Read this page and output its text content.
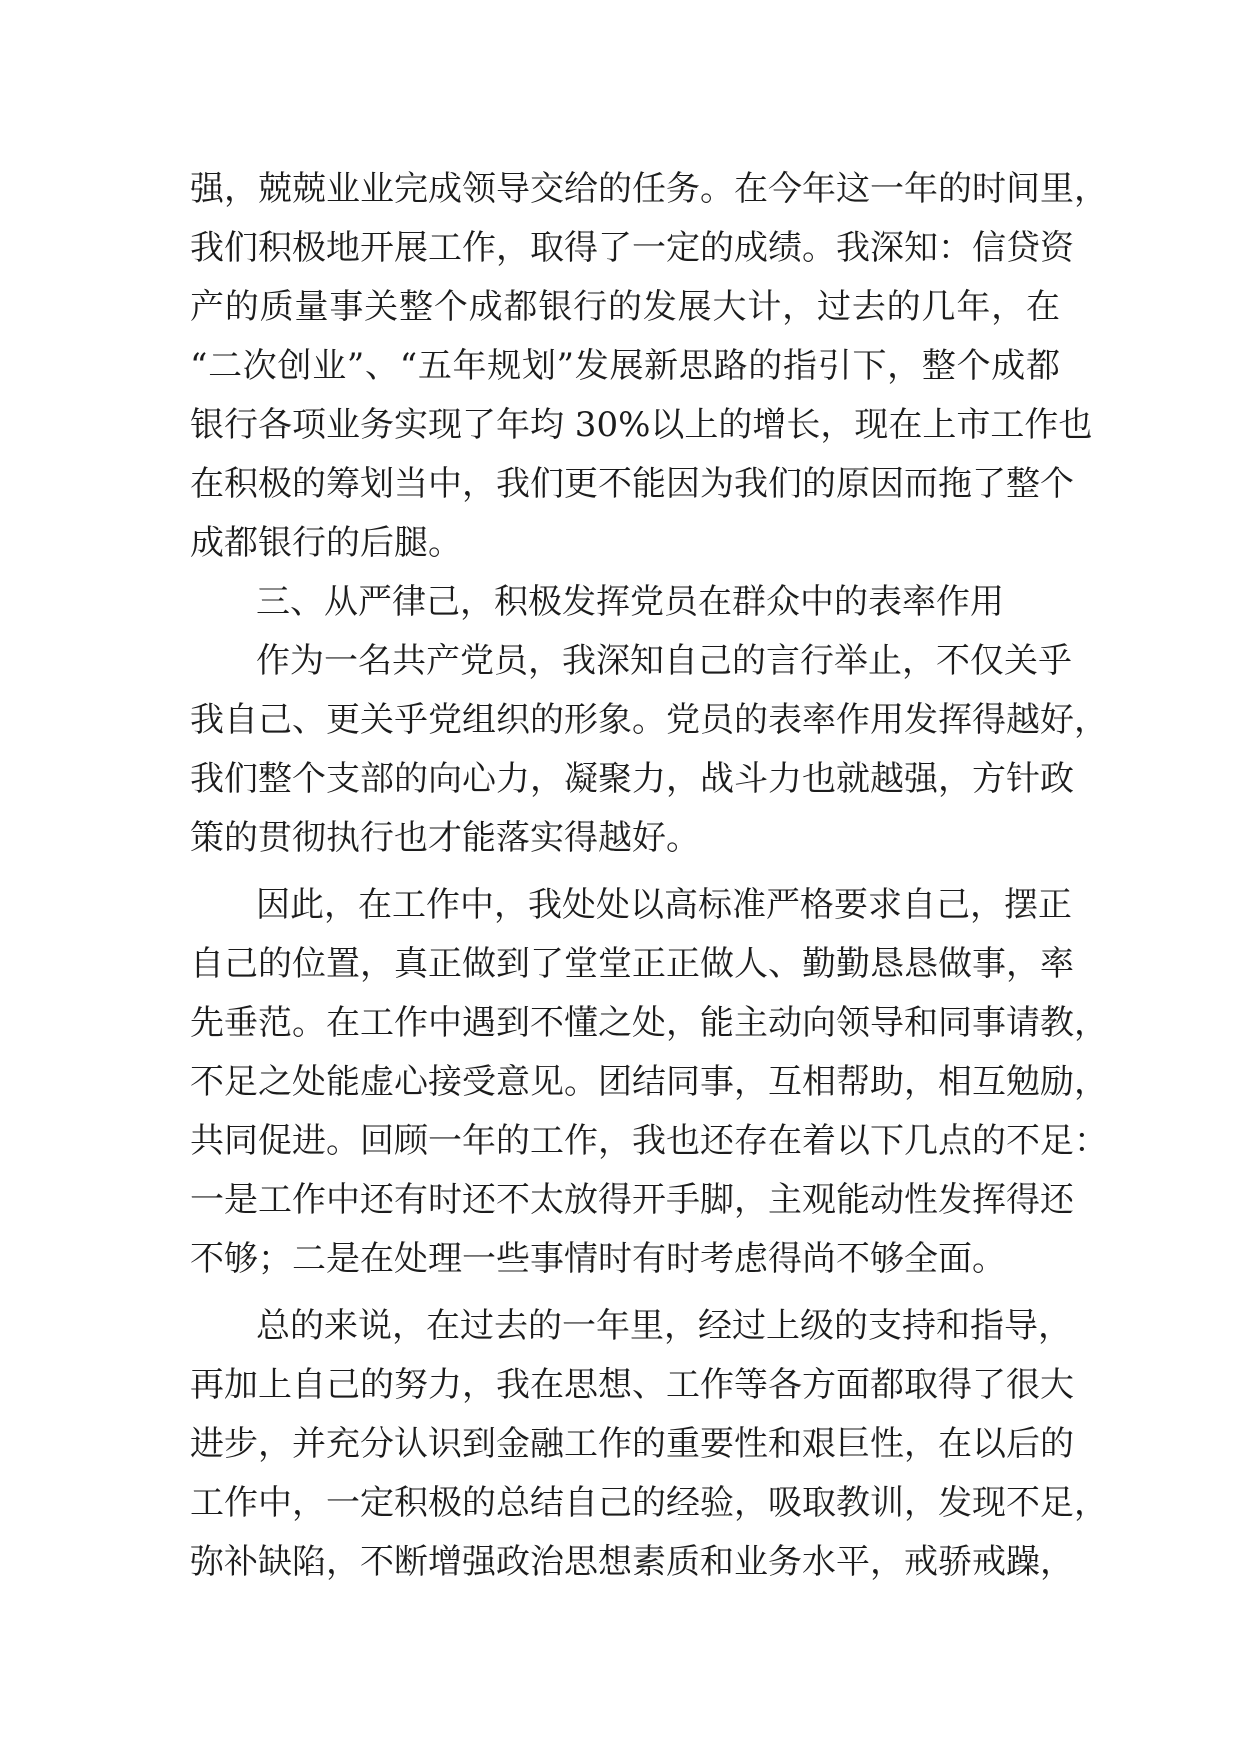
强，兢兢业业完成领导交给的任务。在今年这一年的时间里，
我们积极地开展工作，取得了一定的成绩。我深知：信贷资
产的质量事关整个成都银行的发展大计，过去的几年，在
“二次创业”、“五年规划”发展新思路的指引下，整个成都
银行各项业务实现了年均 30%以上的增长，现在上市工作也
在积极的筹划当中，我们更不能因为我们的原因而拖了整个
成都银行的后腿。
三、从严律己，积极发挥党员在群众中的表率作用
作为一名共产党员，我深知自己的言行举止，不仅关乎
我自己、更关乎党组织的形象。党员的表率作用发挥得越好，
我们整个支部的向心力，凝聚力，战斗力也就越强，方针政
策的贯彻执行也才能落实得越好。
因此，在工作中，我处处以高标准严格要求自己，摆正
自己的位置，真正做到了堂堂正正做人、勤勤恳恳做事，率
先垂范。在工作中遇到不懂之处，能主动向领导和同事请教，
不足之处能虚心接受意见。团结同事，互相帮助，相互勉励，
共同促进。回顾一年的工作，我也还存在着以下几点的不足：
一是工作中还有时还不太放得开手脚，主观能动性发挥得还
不够；二是在处理一些事情时有时考虑得尚不够全面。
总的来说，在过去的一年里，经过上级的支持和指导，
再加上自己的努力，我在思想、工作等各方面都取得了很大
进步，并充分认识到金融工作的重要性和艰巨性，在以后的
工作中，一定积极的总结自己的经验，吸取教训，发现不足，
弥补缺陷，不断增强政治思想素质和业务水平，戒骄戒躁，
